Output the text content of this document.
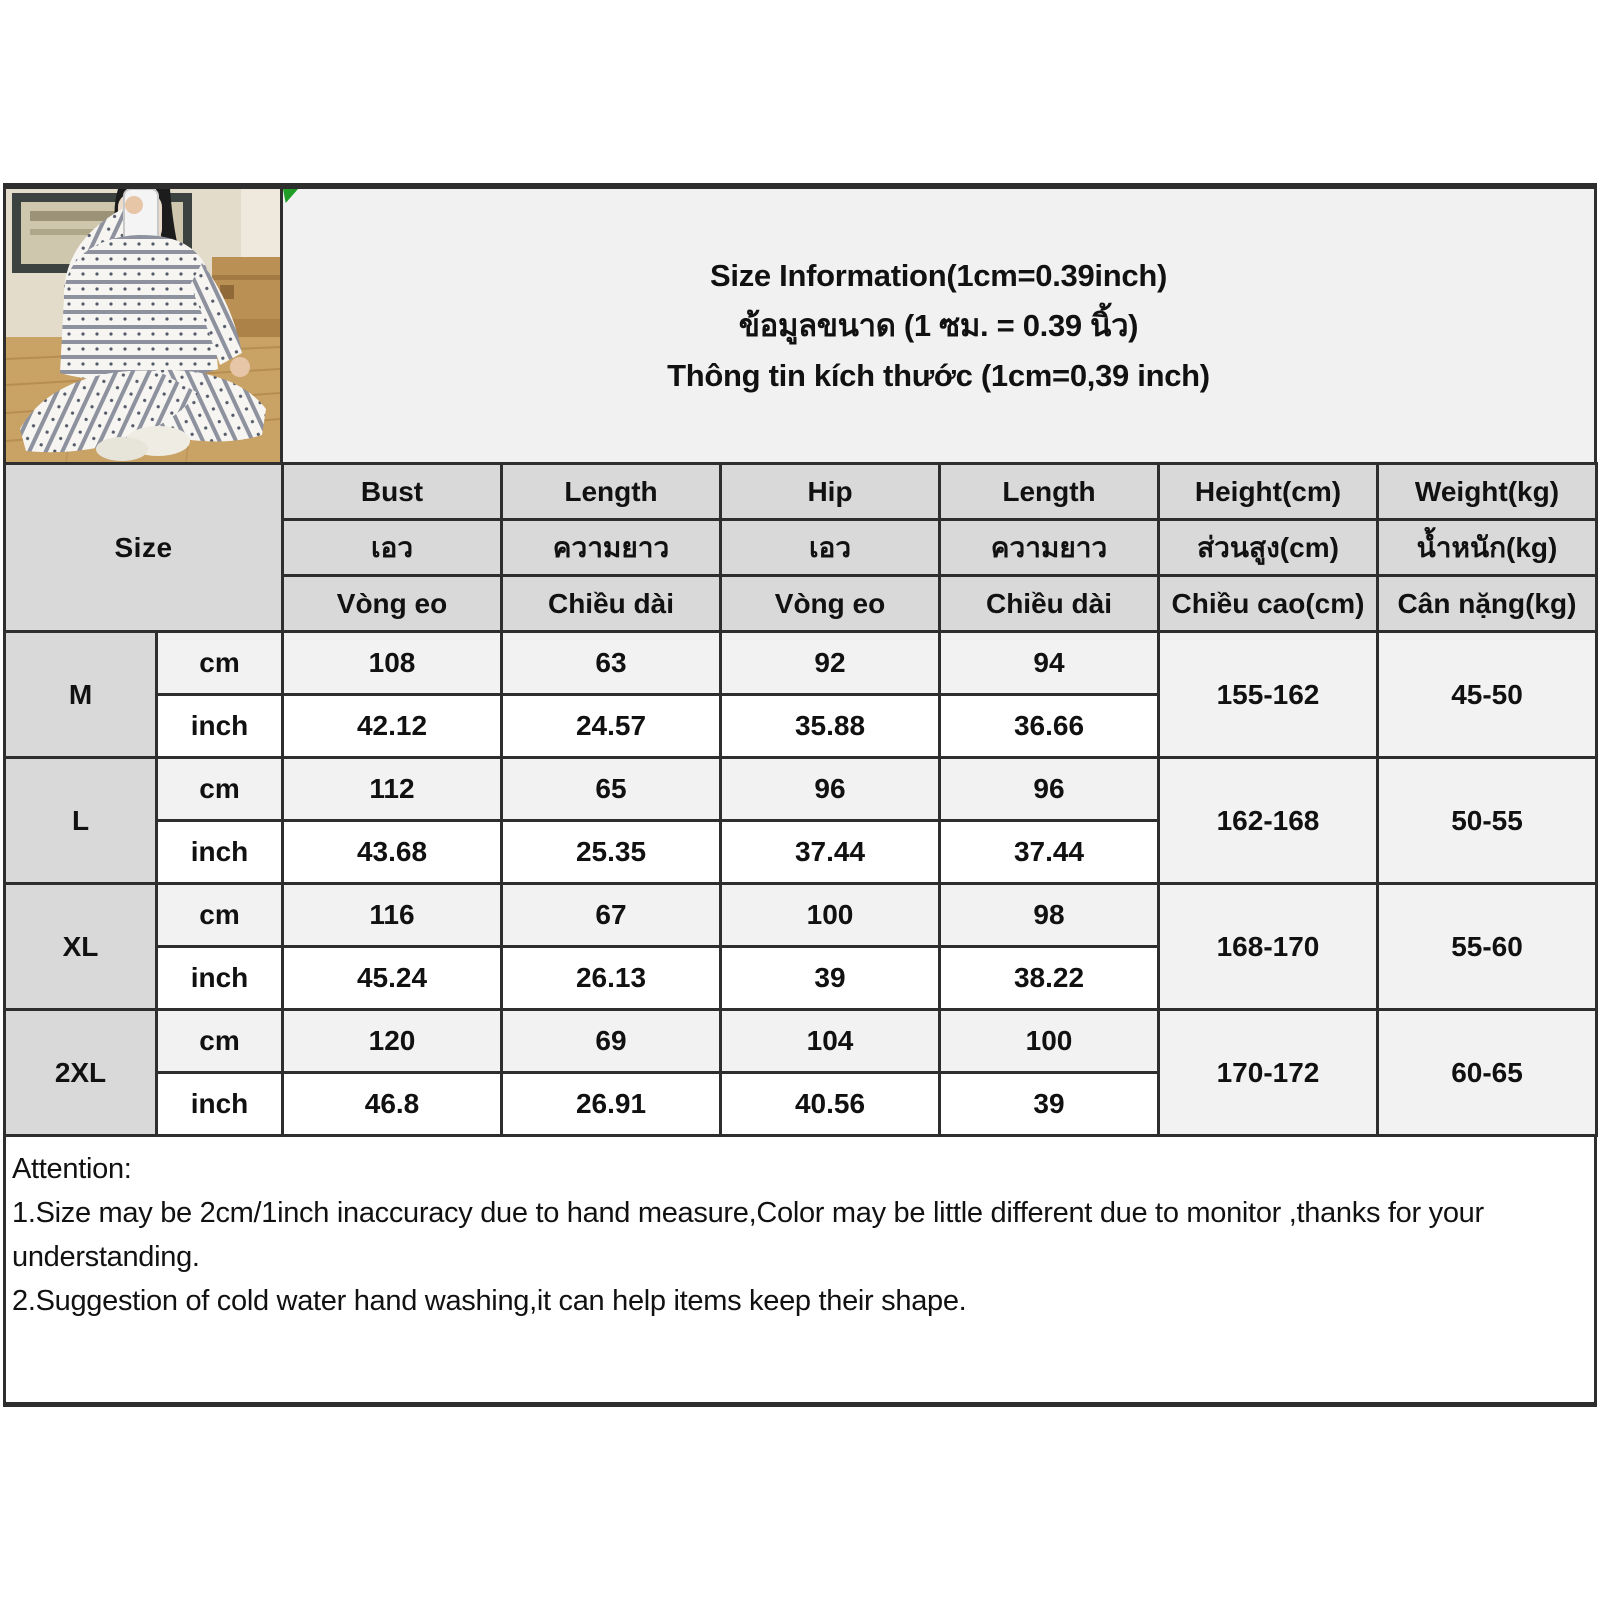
Size Information(1cm=0.39inch)
ข้อมูลขนาด (1 ซม. = 0.39 นิ้ว)
Thông tin kích thước (1cm=0,39 inch)
Size		Bust	Length	Hip	Length	Height(cm)	Weight(kg)
		เอว	ความยาว	เอว	ความยาว	ส่วนสูง(cm)	น้ำหนัก(kg)
		Vòng eo	Chiều dài	Vòng eo	Chiều dài	Chiều cao(cm)	Cân nặng(kg)
M	cm	108	63	92	94	155-162	45-50
	inch	42.12	24.57	35.88	36.66		
L	cm	112	65	96	96	162-168	50-55
	inch	43.68	25.35	37.44	37.44		
XL	cm	116	67	100	98	168-170	55-60
	inch	45.24	26.13	39	38.22		
2XL	cm	120	69	104	100	170-172	60-65
	inch	46.8	26.91	40.56	39		
Attention:
1.Size may be 2cm/1inch inaccuracy due to hand measure,Color may be little different due to monitor ,thanks for your understanding.
2.Suggestion of cold water hand washing,it can help items keep their shape.
